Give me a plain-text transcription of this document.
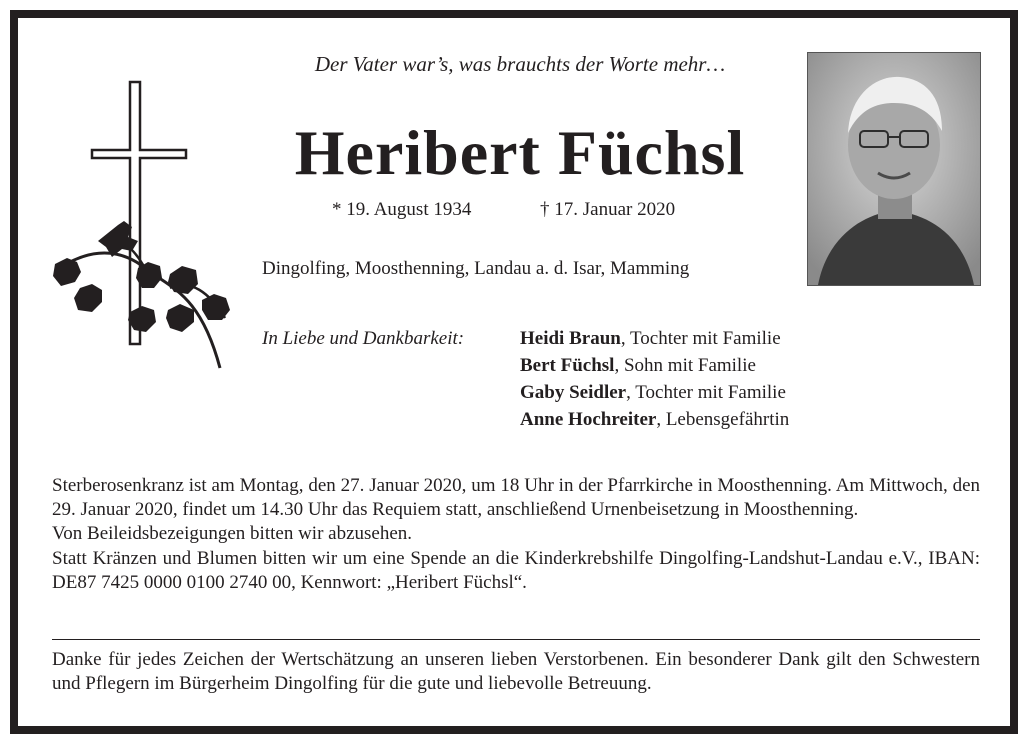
Der Vater war’s, was brauchts der Worte mehr…
Heribert Füchsl
* 19. August 1934	† 17. Januar 2020
Dingolfing, Moosthenning, Landau a. d. Isar, Mamming
In Liebe und Dankbarkeit:	Heidi Braun, Tochter mit Familie
Bert Füchsl, Sohn mit Familie
Gaby Seidler, Tochter mit Familie
Anne Hochreiter, Lebensgefährtin

Sterberosenkranz ist am Montag, den 27. Januar 2020, um 18 Uhr in der Pfarrkirche in Moosthenning. Am Mittwoch, den 29. Januar 2020, findet um 14.30 Uhr das Requiem statt, anschließend Urnenbeisetzung in Moosthenning.

Von Beileidsbezeigungen bitten wir abzusehen.

Statt Kränzen und Blumen bitten wir um eine Spende an die Kinderkrebshilfe Dingolfing-Landshut-Landau e.V., IBAN: DE87 7425 0000 0100 2740 00, Kennwort: „Heribert Füchsl“.

Danke für jedes Zeichen der Wertschätzung an unseren lieben Verstorbenen. Ein besonderer Dank gilt den Schwestern und Pflegern im Bürgerheim Dingolfing für die gute und liebevolle Betreuung.
